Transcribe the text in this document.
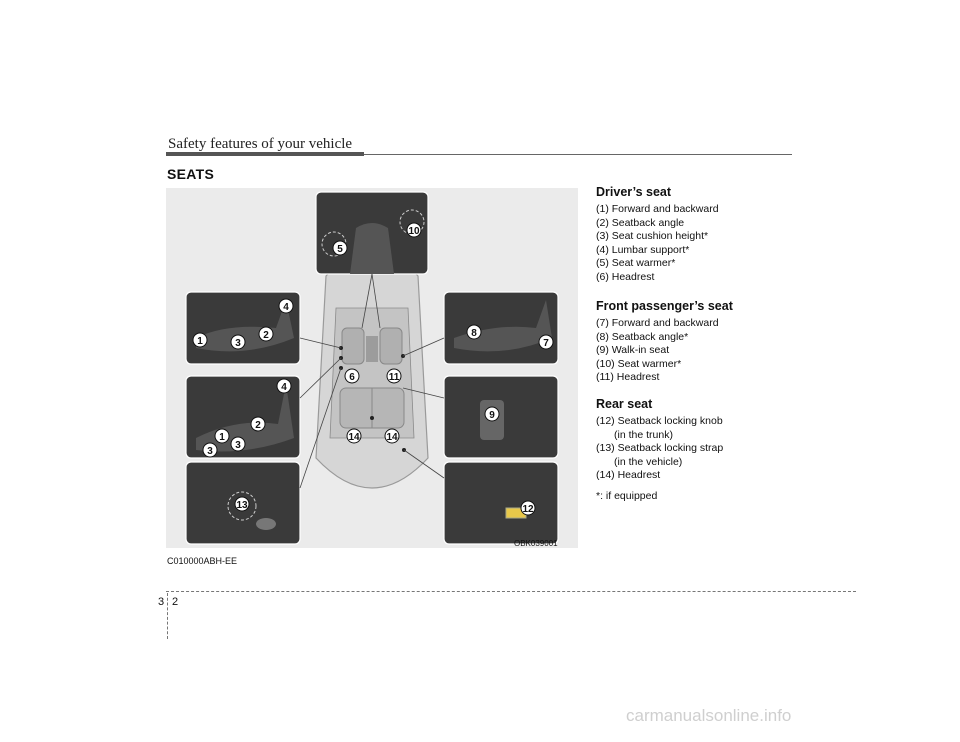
Safety features of your vehicle
SEATS
5
10
4
2
3
1
4
2
1
3
3
13
6	11
14	14
8
7
9
12
OBK039001
C010000ABH-EE
Driver’s seat
(1) Forward and backward
(2) Seatback angle
(3) Seat cushion height*
(4) Lumbar support*
(5) Seat warmer*
(6) Headrest
Front passenger’s seat
(7) Forward and backward
(8) Seatback angle*
(9) Walk-in seat
(10) Seat warmer*
(11) Headrest
Rear seat
(12) Seatback locking knob
(in the trunk)
(13) Seatback locking strap
(in the vehicle)
(14) Headrest
*: if equipped
3 2
carmanualsonline.info
